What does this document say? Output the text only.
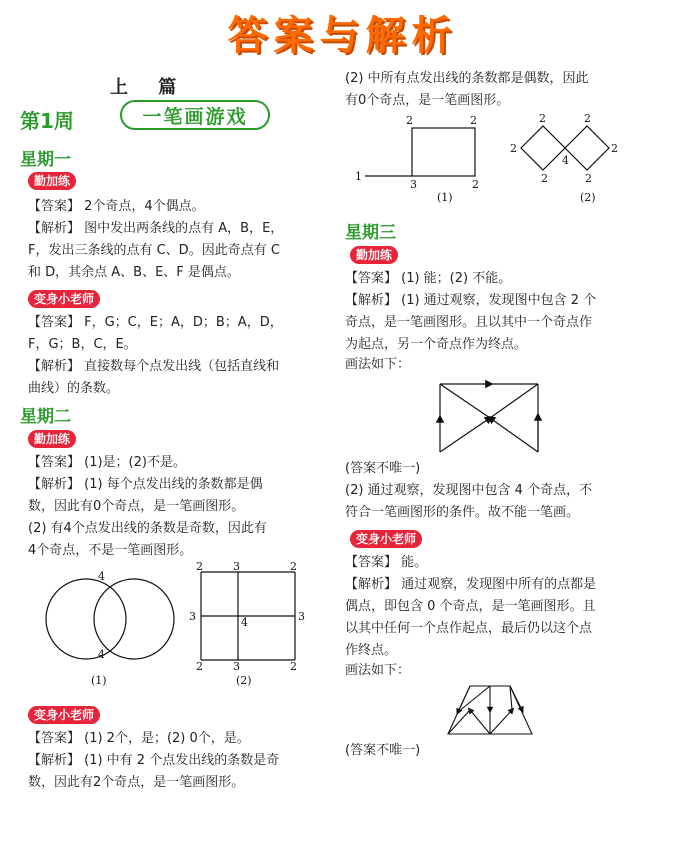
答案与解析
上 篇
第1周	一笔画游戏
星期一
勤加练
【答案】 2个奇点，4个偶点。
【解析】 图中发出两条线的点有 A，B，E，
F，发出三条线的点有 C、D。因此奇点有 C
和 D，其余点 A、B、E、F 是偶点。
变身小老师
【答案】 F，G；C，E；A，D；B；A，D，
F，G；B，C，E。
【解析】 直接数每个点发出线（包括直线和
曲线）的条数。
星期二
勤加练
【答案】 (1)是；(2)不是。
【解析】 (1) 每个点发出线的条数都是偶
数，因此有0个奇点，是一笔画图形。
(2) 有4个点发出线的条数是奇数，因此有
4个奇点，不是一笔画图形。
4
4
(1)
2	3	2
3	4	3
2	3	2
(2)
变身小老师
【答案】 (1) 2个，是；(2) 0个，是。
【解析】 (1) 中有 2 个点发出线的条数是奇
数，因此有2个奇点，是一笔画图形。
(2) 中所有点发出线的条数都是偶数，因此
有0个奇点，是一笔画图形。
2	2
1
3	2
(1)
2	2
2
4
2
2	2
(2)
星期三
勤加练
【答案】 (1) 能；(2) 不能。
【解析】 (1) 通过观察，发现图中包含 2 个
奇点，是一笔画图形。且以其中一个奇点作
为起点，另一个奇点作为终点。
画法如下：
(答案不唯一)
(2) 通过观察，发现图中包含 4 个奇点，不
符合一笔画图形的条件。故不能一笔画。
变身小老师
【答案】 能。
【解析】 通过观察，发现图中所有的点都是
偶点，即包含 0 个奇点，是一笔画图形。且
以其中任何一个点作起点，最后仍以这个点
作终点。
画法如下：
(答案不唯一)
